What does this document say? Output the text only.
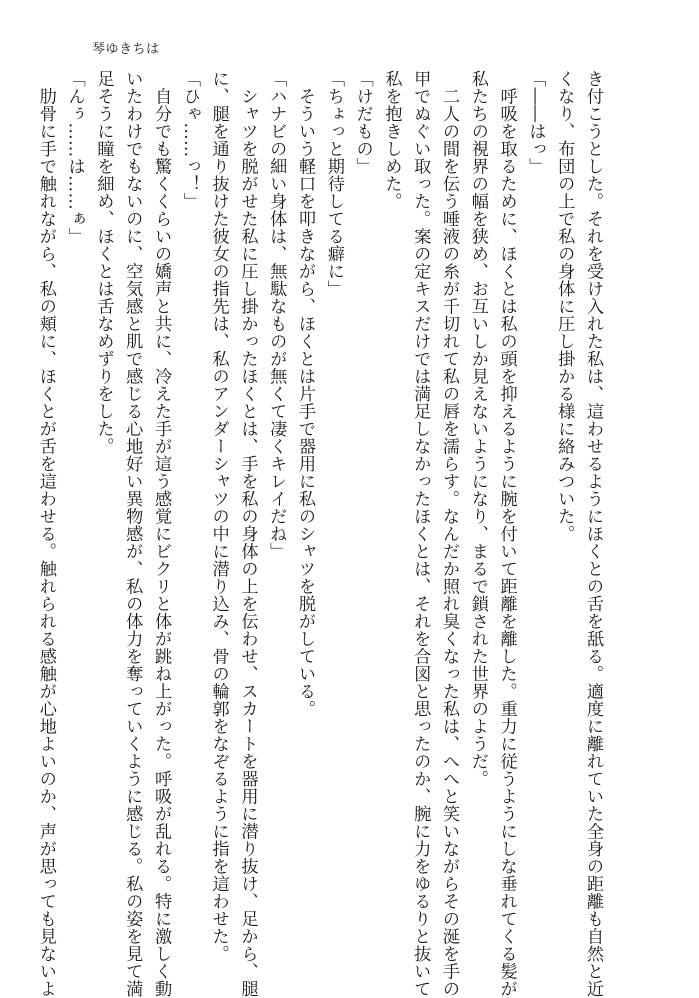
琴ゆきちは

き付こうとした。それを受け入れた私は、這わせるようにほくとの舌を舐る。適度に離れていた全身の距離も自然と近

くなり、布団の上で私の身体に圧し掛かる様に絡みついた。

「――はっ」

　呼吸を取るために、ほくとは私の頭を抑えるように腕を付いて距離を離した。重力に従うようにしな垂れてくる髪が

私たちの視界の幅を狭め、お互いしか見えないようになり、まるで鎖された世界のようだ。

　二人の間を伝う唾液の糸が千切れて私の唇を濡らす。なんだか照れ臭くなった私は、へへと笑いながらその涎を手の

甲でぬぐい取った。案の定キスだけでは満足しなかったほくとは、それを合図と思ったのか、腕に力をゆるりと抜いて

私を抱きしめた。

「けだもの」

「ちょっと期待してる癖に」

　そういう軽口を叩きながら、ほくとは片手で器用に私のシャツを脱がしている。

「ハナビの細い身体は、無駄なものが無くて凄くキレイだね」

　シャツを脱がせた私に圧し掛かったほくとは、手を私の身体の上を伝わせ、スカートを器用に潜り抜け、足から、腿

に、腿を通り抜けた彼女の指先は、私のアンダーシャツの中に潜り込み、骨の輪郭をなぞるように指を這わせた。

「ひゃ……っ！」

　自分でも驚くくらいの嬌声と共に、冷えた手が這う感覚にビクリと体が跳ね上がった。呼吸が乱れる。特に激しく動

いたわけでもないのに、空気感と肌で感じる心地好い異物感が、私の体力を奪っていくように感じる。私の姿を見て満

足そうに瞳を細め、ほくとは舌なめずりをした。

「んぅ……は……ぁ」

　肋骨に手で触れながら、私の頬に、ほくとが舌を這わせる。触れられる感触が心地よいのか、声が思っても見ないよ
